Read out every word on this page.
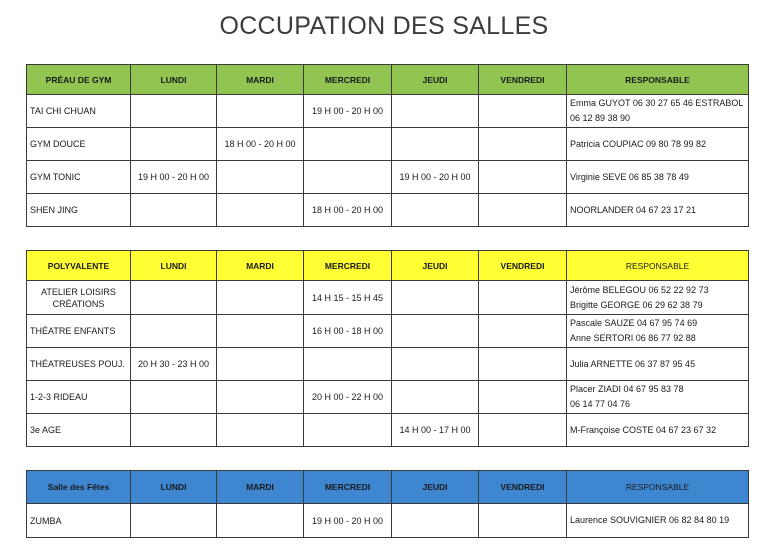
OCCUPATION DES SALLES
PRÉAU DE GYM	LUNDI	MARDI	MERCREDI	JEUDI	VENDREDI	RESPONSABLE
TAI CHI CHUAN			19 H 00 - 20 H 00			Emma GUYOT 06 30 27 65 46 ESTRABOL
06 12 89 38 90

GYM DOUCE		18 H 00 - 20 H 00				Patricia COUPIAC 09 80 78 99 82
GYM TONIC	19 H 00 - 20 H 00			19 H 00 - 20 H 00		Virginie SEVE 06 85 38 78 49
SHEN JING			18 H 00 - 20 H 00			NOORLANDER 04 67 23 17 21
POLYVALENTE	LUNDI	MARDI	MERCREDI	JEUDI	VENDREDI	RESPONSABLE
ATELIER LOISIRS CRÉATIONS			14 H 15 - 15 H 45			Jérôme BELEGOU 06 52 22 92 73
Brigitte GEORGE 06 29 62 38 79

THÉATRE ENFANTS			16 H 00 - 18 H 00			Pascale SAUZE 04 67 95 74 69
Anne SERTORI 06 86 77 92 88

THÉATREUSES POUJ.	20 H 30 - 23 H 00					Julia ARNETTE 06 37 87 95 45
1-2-3 RIDEAU			20 H 00 - 22 H 00			Placer ZIADI 04 67 95 83 78
06 14 77 04 76

3e AGE				14 H 00 - 17 H 00		M-Françoise COSTE 04 67 23 67 32
Salle des Fêtes	LUNDI	MARDI	MERCREDI	JEUDI	VENDREDI	RESPONSABLE
ZUMBA			19 H 00 - 20 H 00			Laurence SOUVIGNIER 06 82 84 80 19
